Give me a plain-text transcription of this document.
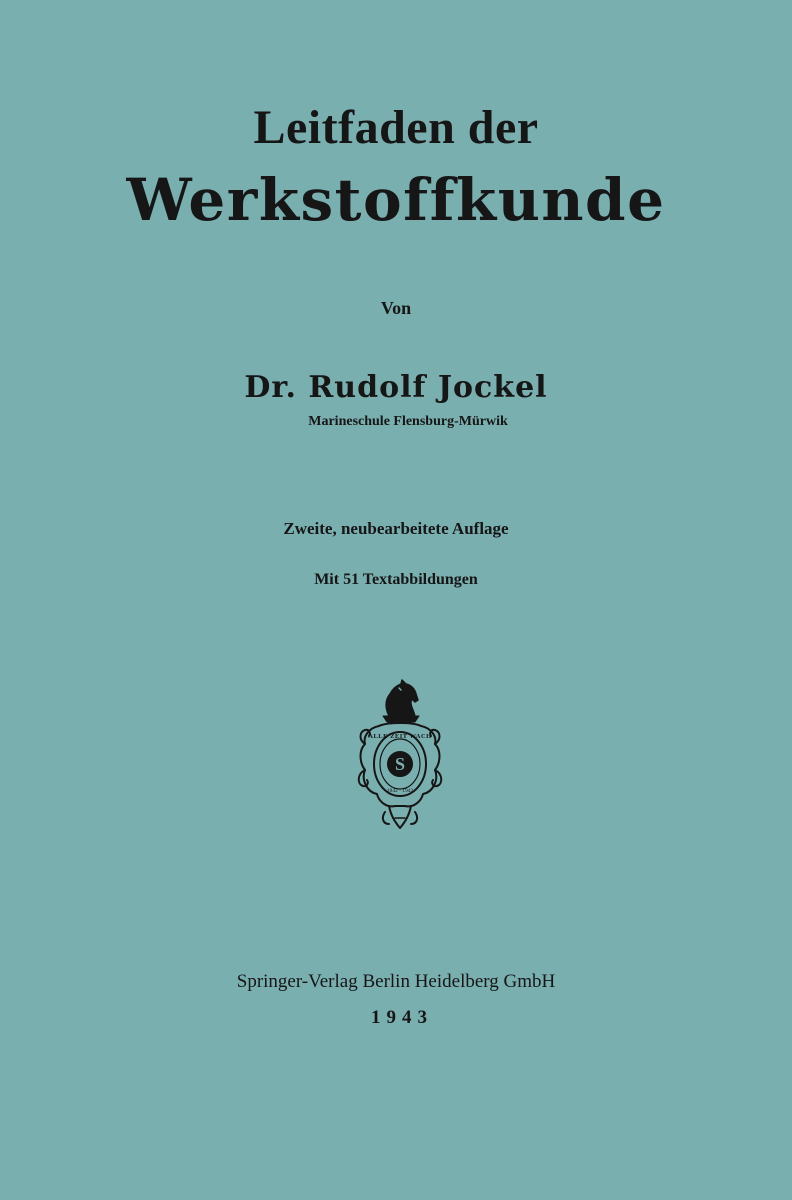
Leitfaden der
Werkstoffkunde
Von
Dr. Rudolf Jockel
Marineschule Flensburg-Mürwik
Zweite, neubearbeitete Auflage
Mit 51 Textabbildungen
S
ALLE ZEIT WACH
1842 · 1942
Springer-Verlag Berlin Heidelberg GmbH
1943
